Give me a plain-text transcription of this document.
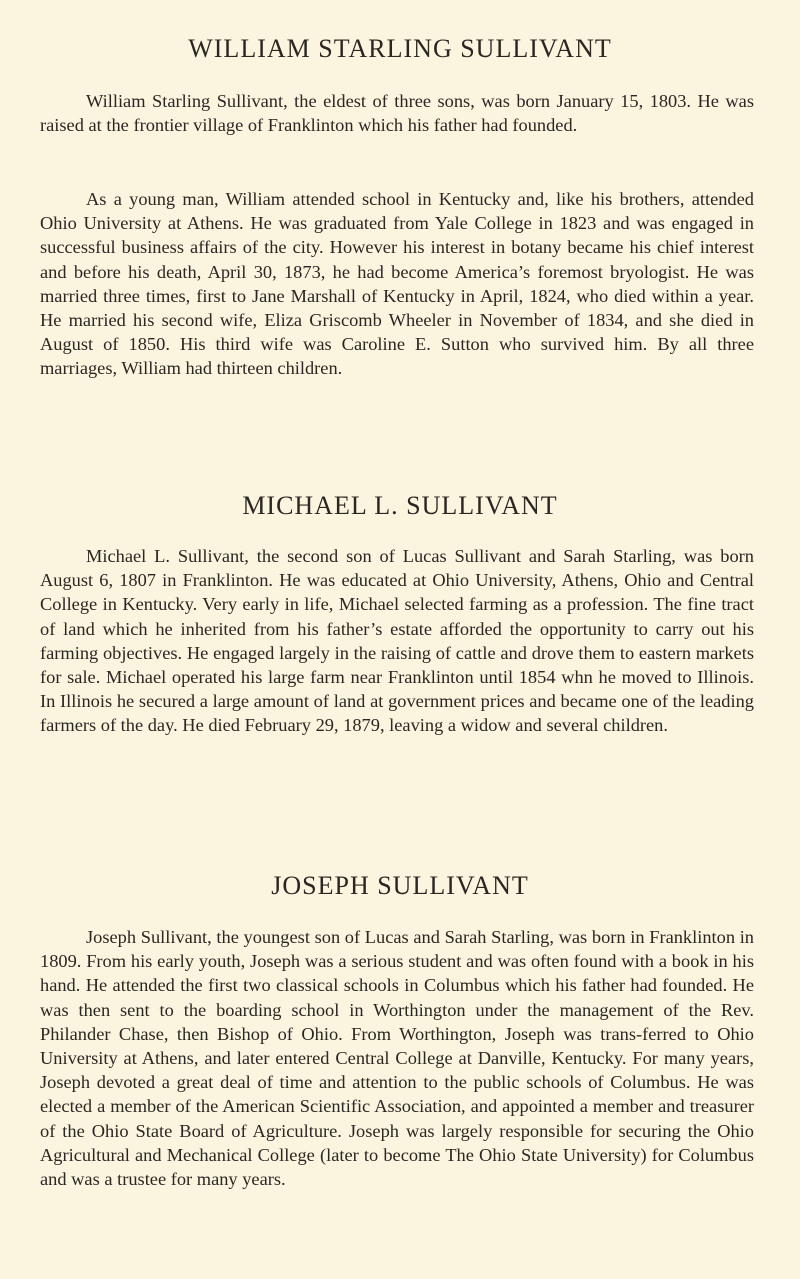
WILLIAM STARLING SULLIVANT

William Starling Sullivant, the eldest of three sons, was born January 15, 1803. He was raised at the frontier village of Franklinton which his father had founded.

As a young man, William attended school in Kentucky and, like his brothers, attended Ohio University at Athens. He was graduated from Yale College in 1823 and was engaged in successful business affairs of the city. However his interest in botany became his chief interest and before his death, April 30, 1873, he had become America’s foremost bryologist. He was married three times, first to Jane Marshall of Kentucky in April, 1824, who died within a year. He married his second wife, Eliza Griscomb Wheeler in November of 1834, and she died in August of 1850. His third wife was Caroline E. Sutton who survived him. By all three marriages, William had thirteen children.

MICHAEL L. SULLIVANT

Michael L. Sullivant, the second son of Lucas Sullivant and Sarah Starling, was born August 6, 1807 in Franklinton. He was educated at Ohio University, Athens, Ohio and Central College in Kentucky. Very early in life, Michael selected farming as a profession. The fine tract of land which he inherited from his father’s estate afforded the opportunity to carry out his farming objectives. He engaged largely in the raising of cattle and drove them to eastern markets for sale. Michael operated his large farm near Franklinton until 1854 whn he moved to Illinois. In Illinois he secured a large amount of land at government prices and became one of the leading farmers of the day. He died February 29, 1879, leaving a widow and several children.

JOSEPH SULLIVANT

Joseph Sullivant, the youngest son of Lucas and Sarah Starling, was born in Franklinton in 1809. From his early youth, Joseph was a serious student and was often found with a book in his hand. He attended the first two classical schools in Columbus which his father had founded. He was then sent to the boarding school in Worthington under the management of the Rev. Philander Chase, then Bishop of Ohio. From Worthington, Joseph was trans-ferred to Ohio University at Athens, and later entered Central College at Danville, Kentucky. For many years, Joseph devoted a great deal of time and attention to the public schools of Columbus. He was elected a member of the American Scientific Association, and appointed a member and treasurer of the Ohio State Board of Agriculture. Joseph was largely responsible for securing the Ohio Agricultural and Mechanical College (later to become The Ohio State University) for Columbus and was a trustee for many years.
